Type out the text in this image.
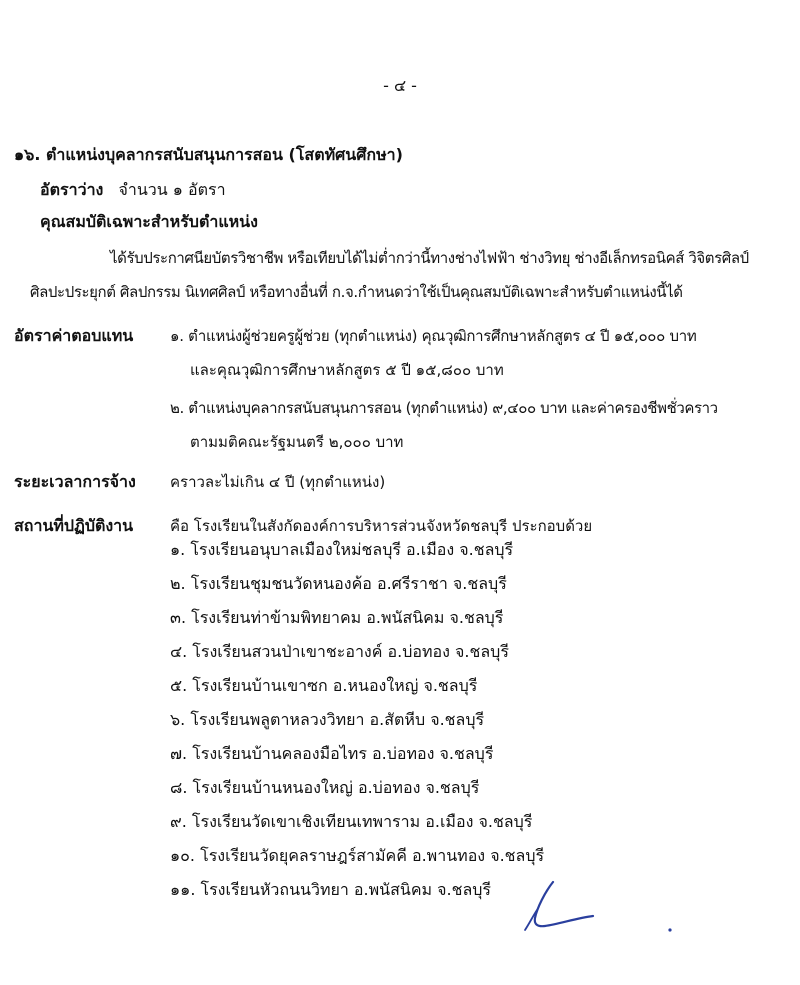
- ๔ -
๑๖. ตำแหน่งบุคลากรสนับสนุนการสอน (โสตทัศนศึกษา)
อัตราว่าง จำนวน ๑ อัตรา
คุณสมบัติเฉพาะสำหรับตำแหน่ง
ได้รับประกาศนียบัตรวิชาชีพ หรือเทียบได้ไม่ต่ำกว่านี้ทางช่างไฟฟ้า ช่างวิทยุ ช่างอีเล็กทรอนิคส์ วิจิตรศิลป์
ศิลปะประยุกต์ ศิลปกรรม นิเทศศิลป์ หรือทางอื่นที่ ก.จ.กำหนดว่าใช้เป็นคุณสมบัติเฉพาะสำหรับตำแหน่งนี้ได้
อัตราค่าตอบแทน ๑. ตำแหน่งผู้ช่วยครูผู้ช่วย (ทุกตำแหน่ง) คุณวุฒิการศึกษาหลักสูตร ๔ ปี ๑๕,๐๐๐ บาท
และคุณวุฒิการศึกษาหลักสูตร ๕ ปี ๑๕,๘๐๐ บาท
๒. ตำแหน่งบุคลากรสนับสนุนการสอน (ทุกตำแหน่ง) ๙,๔๐๐ บาท และค่าครองชีพชั่วคราว
ตามมติคณะรัฐมนตรี ๒,๐๐๐ บาท
ระยะเวลาการจ้าง คราวละไม่เกิน ๔ ปี (ทุกตำแหน่ง)
สถานที่ปฏิบัติงาน คือ โรงเรียนในสังกัดองค์การบริหารส่วนจังหวัดชลบุรี ประกอบด้วย
๑. โรงเรียนอนุบาลเมืองใหม่ชลบุรี อ.เมือง จ.ชลบุรี
๒. โรงเรียนชุมชนวัดหนองค้อ อ.ศรีราชา จ.ชลบุรี
๓. โรงเรียนท่าข้ามพิทยาคม อ.พนัสนิคม จ.ชลบุรี
๔. โรงเรียนสวนป่าเขาชะอางค์ อ.บ่อทอง จ.ชลบุรี
๕. โรงเรียนบ้านเขาซก อ.หนองใหญ่ จ.ชลบุรี
๖. โรงเรียนพลูตาหลวงวิทยา อ.สัตหีบ จ.ชลบุรี
๗. โรงเรียนบ้านคลองมือไทร อ.บ่อทอง จ.ชลบุรี
๘. โรงเรียนบ้านหนองใหญ่ อ.บ่อทอง จ.ชลบุรี
๙. โรงเรียนวัดเขาเชิงเทียนเทพาราม อ.เมือง จ.ชลบุรี
๑๐. โรงเรียนวัดยุคลราษฎร์สามัคคี อ.พานทอง จ.ชลบุรี
๑๑. โรงเรียนหัวถนนวิทยา อ.พนัสนิคม จ.ชลบุรี
